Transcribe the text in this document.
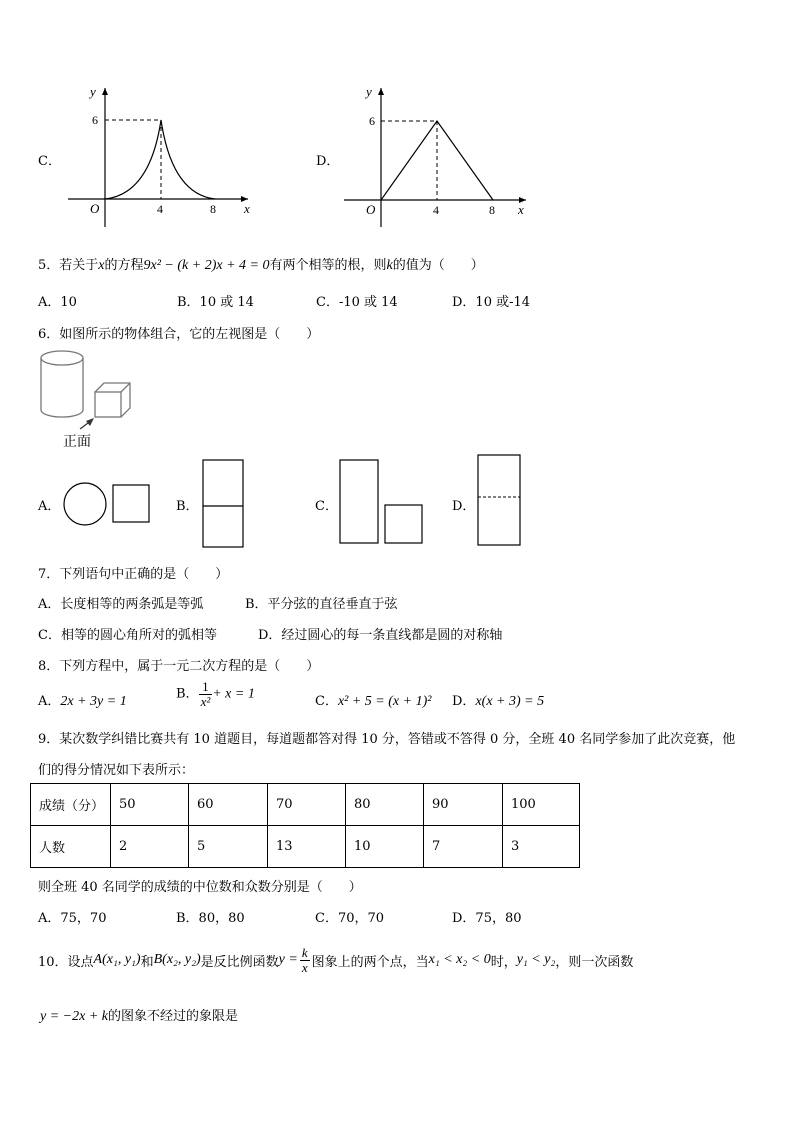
C．
y
x
O
6
4	8
D．
y
x
O
6
4	8
5．若关于x的方程9x² − (k + 2)x + 4 = 0有两个相等的根，则k的值为（　　）
A．10	B．10 或 14	C．-10 或 14	D．10 或-14
6．如图所示的物体组合，它的左视图是（　　）
正面
A．	B．	C．	D．
7．下列语句中正确的是（　　）
A．长度相等的两条弧是等弧	B．平分弦的直径垂直于弦
C．相等的圆心角所对的弧相等	D．经过圆心的每一条直线都是圆的对称轴
8．下列方程中，属于一元二次方程的是（　　）
A．2x + 3y = 1	B． $\frac{1}{\text{x²}} + x = 1$	C．x² + 5 = (x + 1)² D．x(x + 3) = 5
9．某次数学纠错比赛共有 10 道题目，每道题都答对得 10 分，答错或不答得 0 分，全班 40 名同学参加了此次竞赛，他
们的得分情况如下表所示：
成绩（分）	50	60	70	80	90	100
人数	2	5	13	10	7	3
则全班 40 名同学的成绩的中位数和众数分别是（　　）
A．75，70	B．80，80	C．70，70	D．75，80
10．设点 A(x₁, y₁) 和 B(x₂, y₂) 是反比例函数 $y = \frac{k}{x}$ 图象上的两个点，当 x₁ < x₂ < 0 时， y₁ < y₂ ，则一次函数
y = −2x + k的图象不经过的象限是
